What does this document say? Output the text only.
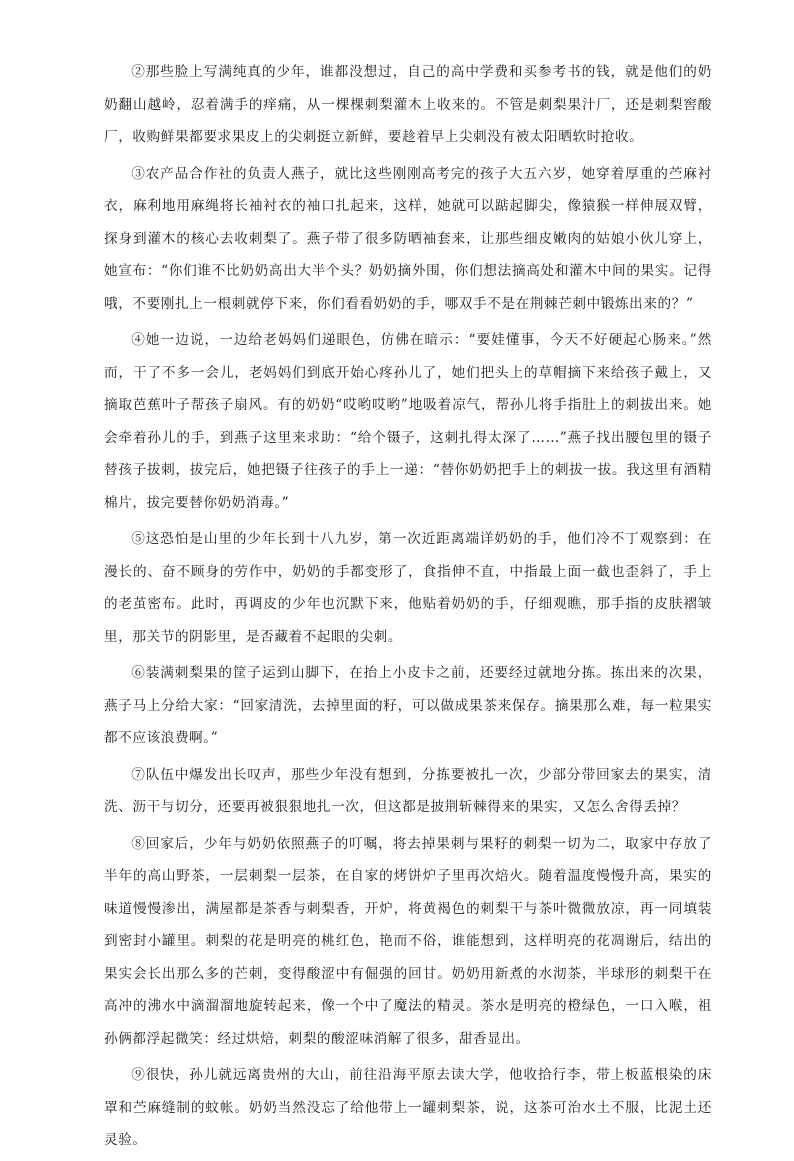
②那些脸上写满纯真的少年，谁都没想过，自己的高中学费和买参考书的钱，就是他们的奶奶翻山越岭，忍着满手的痒痛，从一棵棵刺梨灌木上收来的。不管是刺梨果汁厂，还是刺梨窖酸厂，收购鲜果都要求果皮上的尖刺挺立新鲜，要趁着早上尖刺没有被太阳晒软时抢收。

③农产品合作社的负责人燕子，就比这些刚刚高考完的孩子大五六岁，她穿着厚重的苎麻衬衣，麻利地用麻绳将长袖衬衣的袖口扎起来，这样，她就可以踮起脚尖，像猿猴一样伸展双臂，探身到灌木的核心去收刺梨了。燕子带了很多防晒袖套来，让那些细皮嫩肉的姑娘小伙儿穿上，她宣布：“你们谁不比奶奶高出大半个头？奶奶摘外围，你们想法摘高处和灌木中间的果实。记得哦，不要刚扎上一根刺就停下来，你们看看奶奶的手，哪双手不是在荆棘芒刺中锻炼出来的？”

④她一边说，一边给老妈妈们递眼色，仿佛在暗示：“要娃懂事，今天不好硬起心肠来。”然而，干了不多一会儿，老妈妈们到底开始心疼孙儿了，她们把头上的草帽摘下来给孩子戴上，又摘取芭蕉叶子帮孩子扇风。有的奶奶“哎哟哎哟”地吸着凉气，帮孙儿将手指肚上的刺拔出来。她会牵着孙儿的手，到燕子这里来求助：“给个镊子，这刺扎得太深了……”燕子找出腰包里的镊子替孩子拔刺，拔完后，她把镊子往孩子的手上一递：“替你奶奶把手上的刺拔一拔。我这里有酒精棉片，拔完要替你奶奶消毒。”

⑤这恐怕是山里的少年长到十八九岁，第一次近距离端详奶奶的手，他们冷不丁观察到：在漫长的、奋不顾身的劳作中，奶奶的手都变形了，食指伸不直，中指最上面一截也歪斜了，手上的老茧密布。此时，再调皮的少年也沉默下来，他贴着奶奶的手，仔细观瞧，那手指的皮肤褶皱里，那关节的阴影里，是否藏着不起眼的尖刺。

⑥装满刺梨果的筐子运到山脚下，在抬上小皮卡之前，还要经过就地分拣。拣出来的次果，燕子马上分给大家：“回家清洗，去掉里面的籽，可以做成果茶来保存。摘果那么难，每一粒果实都不应该浪费啊。”

⑦队伍中爆发出长叹声，那些少年没有想到，分拣要被扎一次，少部分带回家去的果实，清洗、沥干与切分，还要再被狠狠地扎一次，但这都是披荆斩棘得来的果实，又怎么舍得丢掉？

⑧回家后，少年与奶奶依照燕子的叮嘱，将去掉果刺与果籽的刺梨一切为二，取家中存放了半年的高山野茶，一层刺梨一层茶，在自家的烤饼炉子里再次焙火。随着温度慢慢升高，果实的味道慢慢渗出，满屋都是茶香与刺梨香，开炉，将黄褐色的刺梨干与茶叶微微放凉，再一同填装到密封小罐里。刺梨的花是明亮的桃红色，艳而不俗，谁能想到，这样明亮的花凋谢后，结出的果实会长出那么多的芒刺，变得酸涩中有倔强的回甘。奶奶用新煮的水沏茶，半球形的刺梨干在高冲的沸水中滴溜溜地旋转起来，像一个中了魔法的精灵。茶水是明亮的橙绿色，一口入喉，祖孙俩都浮起微笑：经过烘焙，刺梨的酸涩味消解了很多，甜香显出。

⑨很快，孙儿就远离贵州的大山，前往沿海平原去读大学，他收拾行李，带上板蓝根染的床罩和苎麻缝制的蚊帐。奶奶当然没忘了给他带上一罐刺梨茶，说，这茶可治水土不服，比泥土还灵验。
